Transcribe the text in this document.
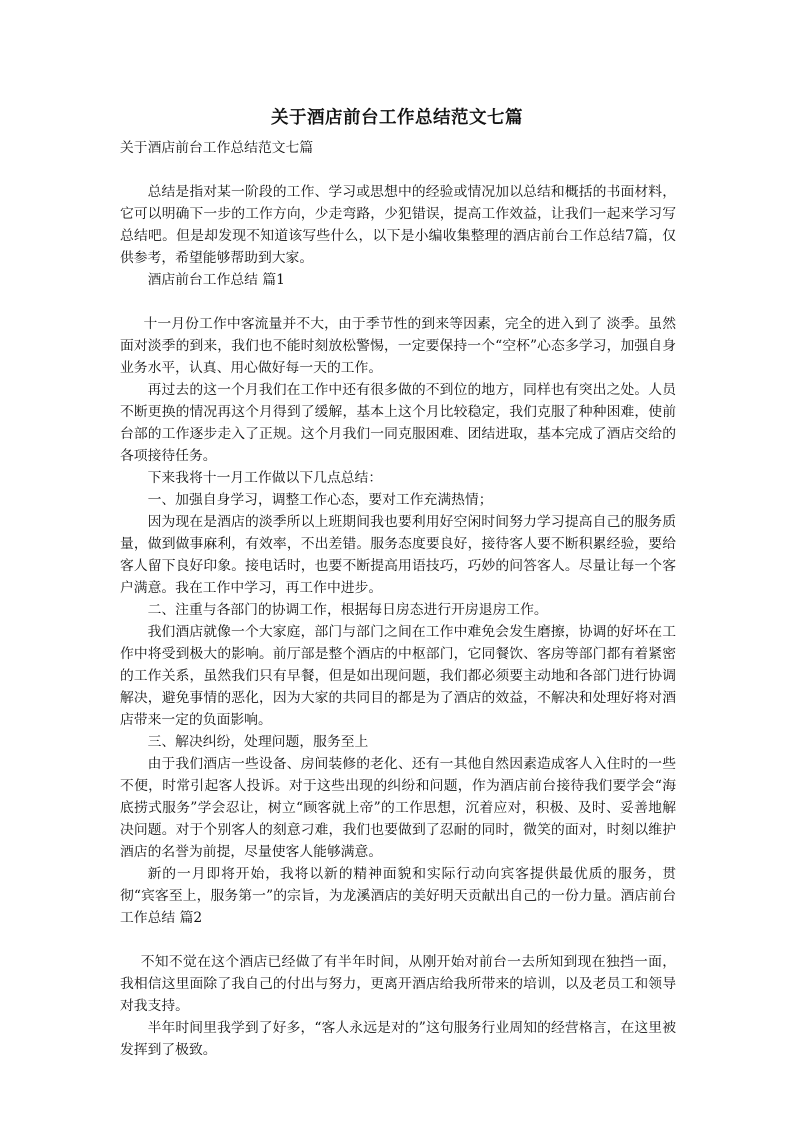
关于酒店前台工作总结范文七篇

关于酒店前台工作总结范文七篇

总结是指对某一阶段的工作、学习或思想中的经验或情况加以总结和概括的书面材料，它可以明确下一步的工作方向，少走弯路，少犯错误，提高工作效益，让我们一起来学习写总结吧。但是却发现不知道该写些什么，以下是小编收集整理的酒店前台工作总结7篇，仅供参考，希望能够帮助到大家。

酒店前台工作总结 篇1

十一月份工作中客流量并不大，由于季节性的到来等因素，完全的进入到了 淡季。虽然面对淡季的到来，我们也不能时刻放松警惕，一定要保持一个“空杯”心态多学习，加强自身业务水平，认真、用心做好每一天的工作。

再过去的这一个月我们在工作中还有很多做的不到位的地方，同样也有突出之处。人员不断更换的情况再这个月得到了缓解，基本上这个月比较稳定，我们克服了种种困难，使前台部的工作逐步走入了正规。这个月我们一同克服困难、团结进取，基本完成了酒店交给的各项接待任务。

下来我将十一月工作做以下几点总结：

一、加强自身学习，调整工作心态，要对工作充满热情；

因为现在是酒店的淡季所以上班期间我也要利用好空闲时间努力学习提高自己的服务质量，做到做事麻利，有效率，不出差错。服务态度要良好，接待客人要不断积累经验，要给客人留下良好印象。接电话时，也要不断提高用语技巧，巧妙的问答客人。尽量让每一个客户满意。我在工作中学习，再工作中进步。

二、注重与各部门的协调工作，根据每日房态进行开房退房工作。

我们酒店就像一个大家庭，部门与部门之间在工作中难免会发生磨擦，协调的好坏在工作中将受到极大的影响。前厅部是整个酒店的中枢部门，它同餐饮、客房等部门都有着紧密的工作关系，虽然我们只有早餐，但是如出现问题，我们都必须要主动地和各部门进行协调解决，避免事情的恶化，因为大家的共同目的都是为了酒店的效益，不解决和处理好将对酒店带来一定的负面影响。

三、解决纠纷，处理问题，服务至上

由于我们酒店一些设备、房间装修的老化、还有一其他自然因素造成客人入住时的一些不便，时常引起客人投诉。对于这些出现的纠纷和问题，作为酒店前台接待我们要学会“海底捞式服务”学会忍让，树立“顾客就上帝”的工作思想，沉着应对，积极、及时、妥善地解决问题。对于个别客人的刻意刁难，我们也要做到了忍耐的同时，微笑的面对，时刻以维护酒店的名誉为前提，尽量使客人能够满意。

新的一月即将开始，我将以新的精神面貌和实际行动向宾客提供最优质的服务，贯彻“宾客至上，服务第一”的宗旨，为龙溪酒店的美好明天贡献出自己的一份力量。酒店前台工作总结 篇2

不知不觉在这个酒店已经做了有半年时间，从刚开始对前台一去所知到现在独挡一面，我相信这里面除了我自己的付出与努力，更离开酒店给我所带来的培训，以及老员工和领导对我支持。

半年时间里我学到了好多，“客人永远是对的”这句服务行业周知的经营格言，在这里被发挥到了极致。
